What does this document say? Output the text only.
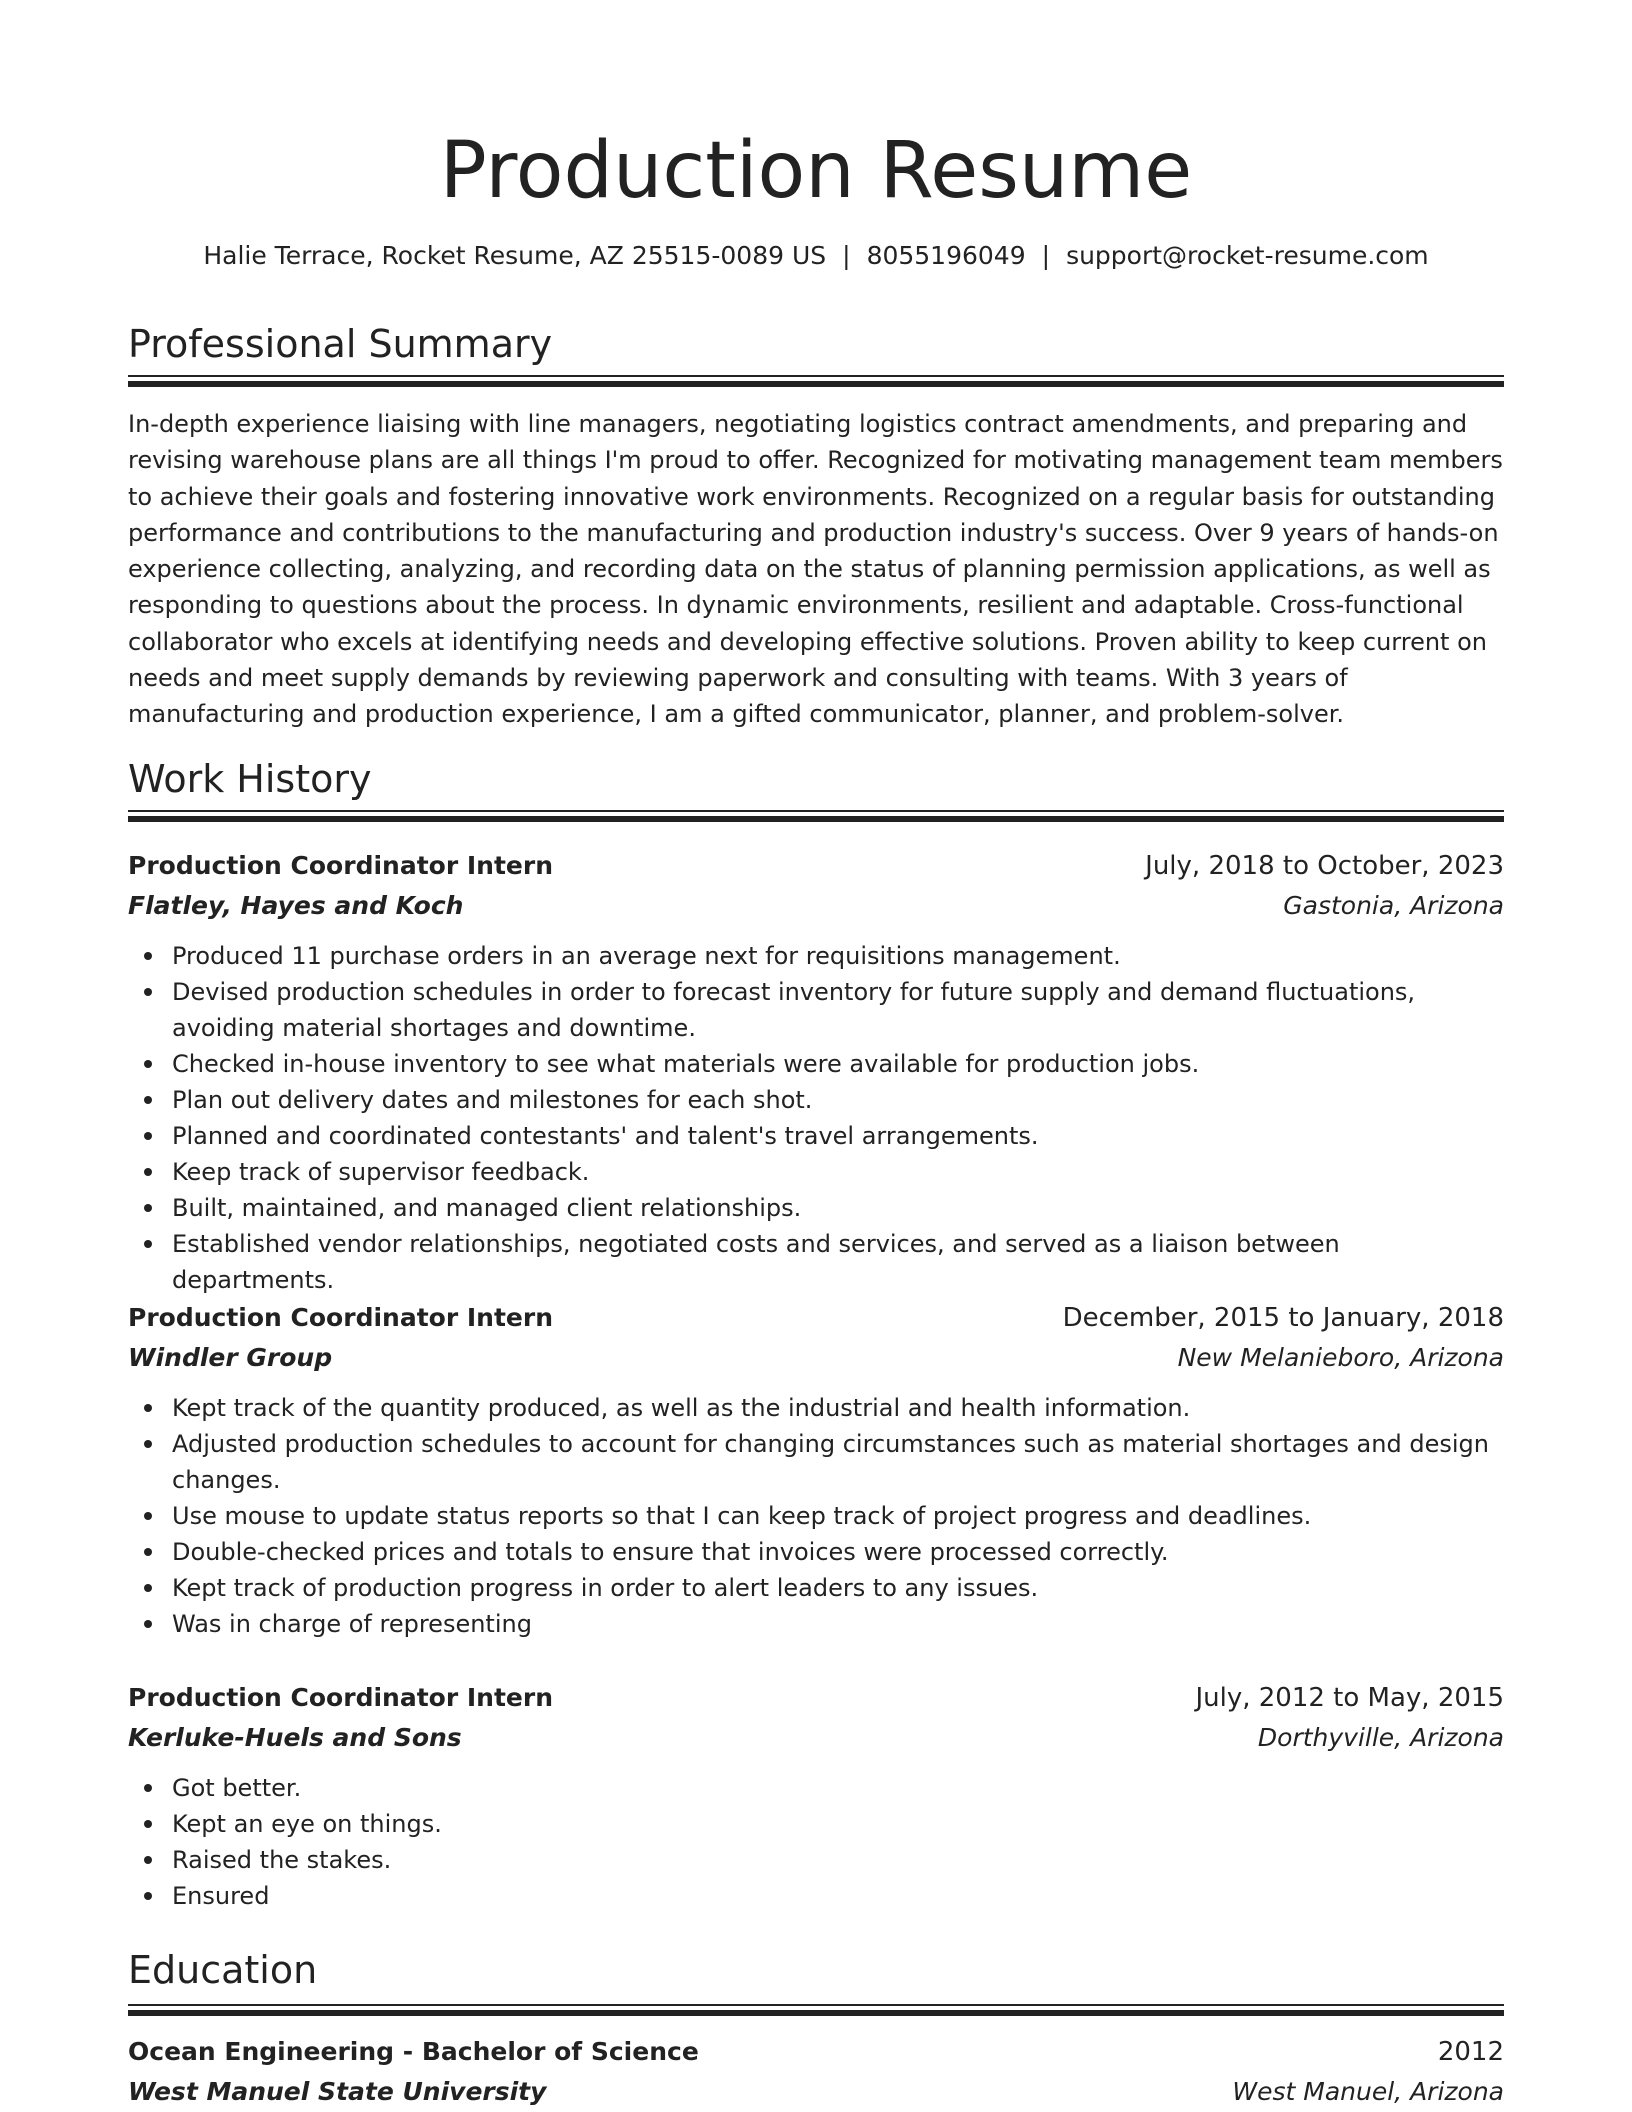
Production Resume
Halie Terrace, Rocket Resume, AZ 25515-0089 US | 8055196049 | support@rocket-resume.com
Professional Summary

In-depth experience liaising with line managers, negotiating logistics contract amendments, and preparing and revising warehouse plans are all things I'm proud to offer. Recognized for motivating management team members to achieve their goals and fostering innovative work environments. Recognized on a regular basis for outstanding performance and contributions to the manufacturing and production industry's success. Over 9 years of hands-on experience collecting, analyzing, and recording data on the status of planning permission applications, as well as responding to questions about the process. In dynamic environments, resilient and adaptable. Cross-functional collaborator who excels at identifying needs and developing effective solutions. Proven ability to keep current on needs and meet supply demands by reviewing paperwork and consulting with teams. With 3 years of manufacturing and production experience, I am a gifted communicator, planner, and problem-solver.

Work History
Production Coordinator Intern	July, 2018 to October, 2023
Flatley, Hayes and Koch	Gastonia, Arizona
Produced 11 purchase orders in an average next for requisitions management.
Devised production schedules in order to forecast inventory for future supply and demand fluctuations, avoiding material shortages and downtime.
Checked in-house inventory to see what materials were available for production jobs.
Plan out delivery dates and milestones for each shot.
Planned and coordinated contestants' and talent's travel arrangements.
Keep track of supervisor feedback.
Built, maintained, and managed client relationships.
Established vendor relationships, negotiated costs and services, and served as a liaison between departments.
Production Coordinator Intern	December, 2015 to January, 2018
Windler Group	New Melanieboro, Arizona
Kept track of the quantity produced, as well as the industrial and health information.
Adjusted production schedules to account for changing circumstances such as material shortages and design changes.
Use mouse to update status reports so that I can keep track of project progress and deadlines.
Double-checked prices and totals to ensure that invoices were processed correctly.
Kept track of production progress in order to alert leaders to any issues.
Was in charge of representing
Production Coordinator Intern	July, 2012 to May, 2015
Kerluke-Huels and Sons	Dorthyville, Arizona
Got better.
Kept an eye on things.
Raised the stakes.
Ensured
Education
Ocean Engineering - Bachelor of Science	2012
West Manuel State University	West Manuel, Arizona
